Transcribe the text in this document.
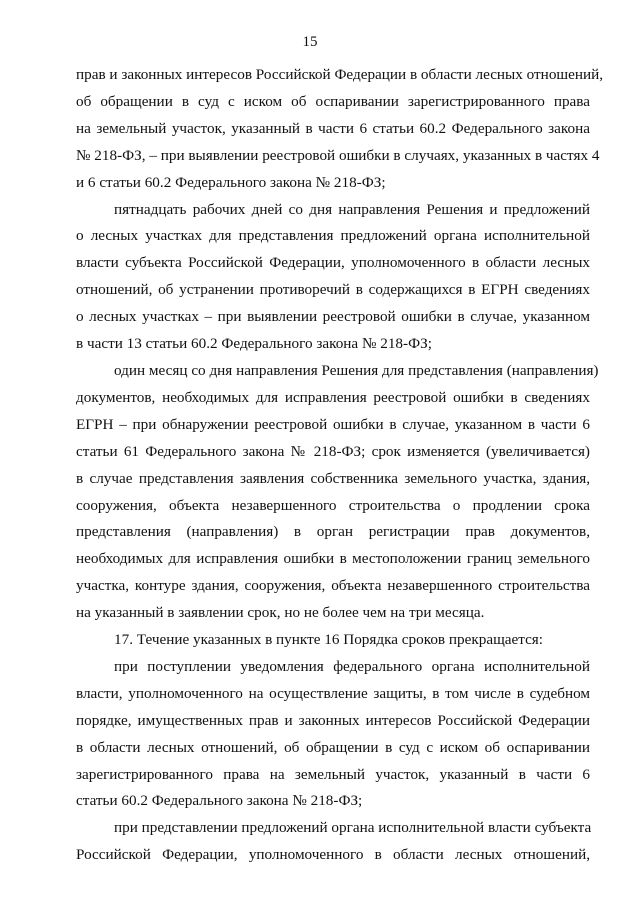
15
прав и законных интересов Российской Федерации в области лесных отношений,
об обращении в суд с иском об оспаривании зарегистрированного права
на земельный участок, указанный в части 6 статьи 60.2 Федерального закона
№ 218-ФЗ, – при выявлении реестровой ошибки в случаях, указанных в частях 4
и 6 статьи 60.2 Федерального закона № 218-ФЗ;
пятнадцать рабочих дней со дня направления Решения и предложений
о лесных участках для представления предложений органа исполнительной
власти субъекта Российской Федерации, уполномоченного в области лесных
отношений, об устранении противоречий в содержащихся в ЕГРН сведениях
о лесных участках – при выявлении реестровой ошибки в случае, указанном
в части 13 статьи 60.2 Федерального закона № 218-ФЗ;
один месяц со дня направления Решения для представления (направления)
документов, необходимых для исправления реестровой ошибки в сведениях
ЕГРН – при обнаружении реестровой ошибки в случае, указанном в части 6
статьи 61 Федерального закона № 218-ФЗ; срок изменяется (увеличивается)
в случае представления заявления собственника земельного участка, здания,
сооружения, объекта незавершенного строительства о продлении срока
представления (направления) в орган регистрации прав документов,
необходимых для исправления ошибки в местоположении границ земельного
участка, контуре здания, сооружения, объекта незавершенного строительства
на указанный в заявлении срок, но не более чем на три месяца.
17. Течение указанных в пункте 16 Порядка сроков прекращается:
при поступлении уведомления федерального органа исполнительной
власти, уполномоченного на осуществление защиты, в том числе в судебном
порядке, имущественных прав и законных интересов Российской Федерации
в области лесных отношений, об обращении в суд с иском об оспаривании
зарегистрированного права на земельный участок, указанный в части 6
статьи 60.2 Федерального закона № 218-ФЗ;
при представлении предложений органа исполнительной власти субъекта
Российской Федерации, уполномоченного в области лесных отношений,
